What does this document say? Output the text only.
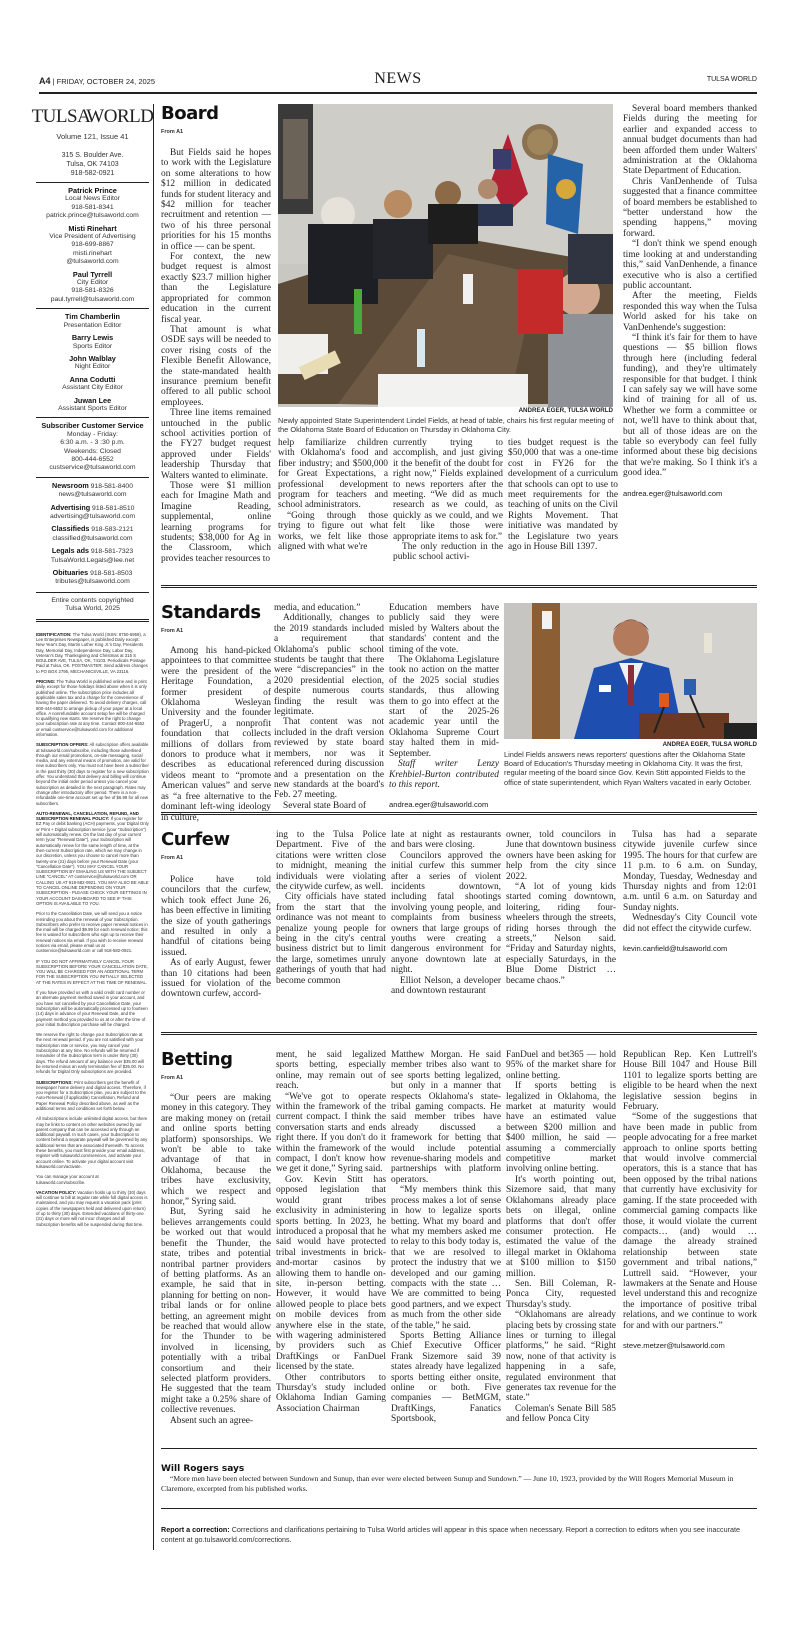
A4 | FRIDAY, OCTOBER 24, 2025	NEWS	TULSA WORLD
TULSA
WORLD
Volume 121, Issue 41
315 S. Boulder Ave.
Tulsa, OK 74103
918-582-0921
Patrick Prince
Local News Editor
918-581-8341
patrick.prince@tulsaworld.com
Misti Rinehart
Vice President of Advertising
918-699-8867
misti.rinehart @tulsaworld.com
Paul Tyrrell
City Editor
918-581-8326
paul.tyrrell@tulsaworld.com
Tim Chamberlin
Presentation Editor
Barry Lewis
Sports Editor
John Walblay
Night Editor
Anna Codutti
Assistant City Editor
Juwan Lee
Assistant Sports Editor
Subscriber Customer Service
Monday - Friday:
6:30 a.m. - 3 :30 p.m.
Weekends: Closed
800-444-6552
custservice@tulsaworld.com
Newsroom 918-581-8400
news@tulsaworld.com
Advertising 918-581-8510
advertising@tulsaworld.com
Classifieds 918-583-2121
classified@tulsaworld.com
Legals ads 918-581-7323
TulsaWorld.Legals@lee.net
Obituaries 918-581-8503
tributes@tulsaworld.com
Entire contents copyrighted
Tulsa World, 2025

IDENTIFICATION: The Tulsa World (ISSN: 8750-5959), a Lee Enterprises Newspaper, is published Daily except: New Year's Day, Martin Luther King Jr.'s Day, Presidents Day, Memorial Day, Independence Day, Labor Day, Veteran's Day, Thanksgiving and Christmas at 315 S BOULDER AVE, TULSA, OK, 74103. Periodicals Postage Paid at Tulsa, OK. POSTMASTER: Send address changes to PO BOX 2795, MECHANICSVILLE, VA 23116.

PRICING: The Tulsa World is published online and in print daily, except for those holidays listed above when it is only published online. The subscription price includes all applicable sales tax and a charge for the convenience of having the paper delivered. To avoid delivery charges, call 800-444-6552 to arrange pickup of your paper at a local office. A nonrefundable account setup fee will be charged to qualifying new starts. We reserve the right to change your subscription rate at any time. Contact 800-444-6552 or email custservice@tulsaworld.com for additional information.

SUBSCRIPTION OFFERS: All subscription offers available at tulsaworld.com/subscribe, including those advertised through our email promotions, on-site messaging, social media, and any external means of promotion, are valid for new subscribers only. You must not have been a subscriber in the past thirty (30) days to register for a new subscription offer. You understand that delivery and billing will continue beyond the initial order period unless you cancel your subscription as detailed in the next paragraph. Rates may change after introductory offer period. There is a non-refundable one-time account set up fee of $6.99 for all new subscribers.

AUTO-RENEWAL, CANCELLATION, REFUND, AND SUBSCRIPTION RENEWAL POLICY: If you register for EZ Pay or debit banking (ACH) payments, your Digital Only or Print + Digital subscription service (your "Subscription") will automatically renew. On the last day of your current term (your "Renewal Date"), your Subscription will automatically renew for the same length of time, at the then-current Subscription rate, which we may change in our discretion, unless you choose to cancel more than twenty-one (21) days before your Renewal Date (your "Cancellation Date"). YOU MAY CANCEL YOUR SUBSCRIPTION BY EMAILING US WITH THE SUBJECT LINE "CANCEL" AT custservice@tulsaworld.com OR CALLING US AT 918-582-0921. YOU MAY ALSO BE ABLE TO CANCEL ONLINE DEPENDING ON YOUR SUBSCRIPTION - PLEASE CHECK YOUR SETTINGS IN YOUR ACCOUNT DASHBOARD TO SEE IF THIS OPTION IS AVAILABLE TO YOU.

Prior to the Cancellation Date, we will send you a notice reminding you about the renewal of your Subscription. Subscribers who prefer to receive paper renewal notices in the mail will be charged $9.99 for each renewal notice; this fee is waived for subscribers who sign up to receive their renewal notices via email. If you wish to receive renewal notices via email, please email us at custservice@tulsaworld.com or call 918-582-0921.

IF YOU DO NOT AFFIRMATIVELY CANCEL YOUR SUBSCRIPTION BEFORE YOUR CANCELLATION DATE, YOU WILL BE CHARGED FOR AN ADDITIONAL TERM FOR THE SUBSCRIPTION YOU INITIALLY SELECTED AT THE RATES IN EFFECT AT THE TIME OF RENEWAL.

If you have provided us with a valid credit card number or an alternate payment method saved in your account, and you have not cancelled by your Cancellation Date, your Subscription will be automatically processed up to fourteen (14) days in advance of your Renewal Date, and the payment method you provided to us at or after the time of your initial Subscription purchase will be charged.

We reserve the right to change your Subscription rate at the next renewal period. If you are not satisfied with your Subscription rate or service, you may cancel your Subscription at any time. No refunds will be returned if remainder of the Subscription term is under thirty (30) days. The refund amount of any balance over $35.00 will be returned minus an early termination fee of $35.00. No refunds for Digital Only subscriptions are provided.

SUBSCRIPTIONS: Print subscribers get the benefit of newspaper home delivery and digital access. Therefore, if you register for a Subscription plan, you are subject to the Auto-Renewal (if applicable) Cancellation, Refund and Paper Renewal Policy described above, as well as the additional terms and conditions set forth below.

All Subscriptions include unlimited digital access, but there may be links to content on other websites owned by our parent company that can be accessed only through an additional paywall. In such cases, your Subscription to content behind a separate paywall will be governed by any additional terms that are associated therewith. To access these benefits, you must first provide your email address, register with tulsaworld.com/services, and activate your account online. To activate your digital account visit tulsaworld.com/activate.

You can manage your account at tulsaworld.com/subscribe.

VACATION POLICY: Vacation holds up to thirty (30) days will continue to bill at regular rate while full digital access is maintained, and you may request a vacation pack (print copies of the newspapers held and delivered upon return) of up to thirty (30) days. Extended vacations of thirty-one (31) days or more will not incur charges and all Subscription benefits will be suspended during that time.

Board
From A1

But Fields said he hopes to work with the Legislature on some alterations to how $12 million in dedicated funds for student literacy and $42 million for teacher recruitment and retention — two of his three personal priorities for his 15 months in office — can be spent.

For context, the new budget request is almost exactly $23.7 million higher than the Legislature appropriated for common education in the current fiscal year.

That amount is what OSDE says will be needed to cover rising costs of the Flexible Benefit Allowance, the state-mandated health insurance premium benefit offered to all public school employees.

Three line items remained untouched in the public school activities portion of the FY27 budget request approved under Fields' leadership Thursday that Walters wanted to eliminate.

Those were $1 million each for Imagine Math and Imagine Reading, supplemental, online learning programs for students; $38,000 for Ag in the Classroom, which provides teacher resources to

ANDREA EGER, TULSA WORLD
Newly appointed State Superintendent Lindel Fields, at head of table, chairs his first regular meeting of the Oklahoma State Board of Education on Thursday in Oklahoma City.

help familiarize children with Oklahoma's food and fiber industry; and $500,000 for Great Expectations, a professional development program for teachers and school administrators.

“Going through those trying to figure out what works, we felt like those aligned with what we're

currently trying to accomplish, and just giving it the benefit of the doubt for right now,” Fields explained to news reporters after the meeting. “We did as much research as we could, as quickly as we could, and we felt like those were appropriate items to ask for.”

The only reduction in the public school activi-

ties budget request is the $50,000 that was a one-time cost in FY26 for the development of a curriculum that schools can opt to use to meet requirements for the teaching of units on the Civil Rights Movement. That initiative was mandated by the Legislature two years ago in House Bill 1397.

Several board members thanked Fields during the meeting for earlier and expanded access to annual budget documents than had been afforded them under Walters' administration at the Oklahoma State Department of Education.

Chris VanDenhende of Tulsa suggested that a finance committee of board members be established to “better understand how the spending happens,” moving forward.

“I don't think we spend enough time looking at and understanding this,” said VanDenhende, a finance executive who is also a certified public accountant.

After the meeting, Fields responded this way when the Tulsa World asked for his take on VanDenhende's suggestion:

“I think it's fair for them to have questions — $5 billion flows through here (including federal funding), and they're ultimately responsible for that budget. I think I can safely say we will have some kind of training for all of us. Whether we form a committee or not, we'll have to think about that, but all of those ideas are on the table so everybody can feel fully informed about these big decisions that we're making. So I think it's a good idea.”

andrea.eger@tulsaworld.com

Standards
From A1

Among his hand-picked appointees to that committee were the president of the Heritage Foundation, a former president of Oklahoma Wesleyan University and the founder of PragerU, a nonprofit foundation that collects millions of dollars from donors to produce what it describes as educational videos meant to “promote American values” and serve as “a free alternative to the dominant left-wing ideology in culture,

media, and education.”

Additionally, changes to the 2019 standards included a requirement that Oklahoma's public school students be taught that there were “discrepancies” in the 2020 presidential election, despite numerous courts finding the result was legitimate.

That content was not included in the draft version reviewed by state board members, nor was it referenced during discussion and a presentation on the new standards at the board's Feb. 27 meeting.

Several state Board of

Education members have publicly said they were misled by Walters about the standards' content and the timing of the vote.

The Oklahoma Legislature took no action on the matter of the 2025 social studies standards, thus allowing them to go into effect at the start of the 2025-26 academic year until the Oklahoma Supreme Court stay halted them in mid-September.

Staff writer Lenzy Krehbiel-Burton contributed to this report.

andrea.eger@tulsaworld.com

ANDREA EGER, TULSA WORLD
Lindel Fields answers news reporters' questions after the Oklahoma State Board of Education's Thursday meeting in Oklahoma City. It was the first, regular meeting of the board since Gov. Kevin Stitt appointed Fields to the office of state superintendent, which Ryan Walters vacated in early October.
Curfew
From A1

Police have told councilors that the curfew, which took effect June 26, has been effective in limiting the size of youth gatherings and resulted in only a handful of citations being issued.

As of early August, fewer than 10 citations had been issued for violation of the downtown curfew, accord-

ing to the Tulsa Police Department. Five of the citations were written close to midnight, meaning the individuals were violating the citywide curfew, as well.

City officials have stated from the start that the ordinance was not meant to penalize young people for being in the city's central business district but to limit the large, sometimes unruly gatherings of youth that had become common

late at night as restaurants and bars were closing.

Councilors approved the initial curfew this summer after a series of violent incidents downtown, including fatal shootings involving young people, and complaints from business owners that large groups of youths were creating a dangerous environment for anyone downtown late at night.

Elliot Nelson, a developer and downtown restaurant

owner, told councilors in June that downtown business owners have been asking for help from the city since 2022.

“A lot of young kids started coming downtown, loitering, riding four-wheelers through the streets, riding horses through the streets,” Nelson said. “Friday and Saturday nights, especially Saturdays, in the Blue Dome District … became chaos.”

Tulsa has had a separate citywide juvenile curfew since 1995. The hours for that curfew are 11 p.m. to 6 a.m. on Sunday, Monday, Tuesday, Wednesday and Thursday nights and from 12:01 a.m. until 6 a.m. on Saturday and Sunday nights.

Wednesday's City Council vote did not effect the citywide curfew.

kevin.canfield@tulsaworld.com

Betting
From A1

“Our peers are making money in this category. They are making money on (retail and online sports betting platform) sponsorships. We won't be able to take advantage of that in Oklahoma, because the tribes have exclusivity, which we respect and honor,” Syring said.

But, Syring said he believes arrangements could be worked out that would benefit the Thunder, the state, tribes and potential nontribal partner providers of betting platforms. As an example, he said that in planning for betting on non-tribal lands or for online betting, an agreement might be reached that would allow for the Thunder to be involved in licensing, potentially with a tribal consortium and their selected platform providers. He suggested that the team might take a 0.25% share of collective revenues.

Absent such an agree-

ment, he said legalized sports betting, especially online, may remain out of reach.

“We've got to operate within the framework of the current compact. I think the conversation starts and ends right there. If you don't do it within the framework of the compact, I don't know how we get it done,” Syring said.

Gov. Kevin Stitt has opposed legislation that would grant tribes exclusivity in administering sports betting. In 2023, he introduced a proposal that he said would have protected tribal investments in brick-and-mortar casinos by allowing them to handle on-site, in-person betting. However, it would have allowed people to place bets on mobile devices from anywhere else in the state, with wagering administered by providers such as DraftKings or FanDuel licensed by the state.

Other contributors to Thursday's study included Oklahoma Indian Gaming Association Chairman

Matthew Morgan. He said member tribes also want to see sports betting legalized, but only in a manner that respects Oklahoma's state-tribal gaming compacts. He said member tribes have already discussed a framework for betting that would include potential revenue-sharing models and partnerships with platform operators.

“My members think this process makes a lot of sense in how to legalize sports betting. What my board and what my members asked me to relay to this body today is, that we are resolved to protect the industry that we developed and our gaming compacts with the state … We are committed to being good partners, and we expect as much from the other side of the table,” he said.

Sports Betting Alliance Chief Executive Officer Frank Sizemore said 39 states already have legalized sports betting either onsite, online or both. Five companies — BetMGM, DraftKings, Fanatics Sportsbook,

FanDuel and bet365 — hold 95% of the market share for online betting.

If sports betting is legalized in Oklahoma, the market at maturity would have an estimated value between $200 million and $400 million, he said — assuming a commercially competitive market involving online betting.

It's worth pointing out, Sizemore said, that many Oklahomans already place bets on illegal, online platforms that don't offer consumer protection. He estimated the value of the illegal market in Oklahoma at $100 million to $150 million.

Sen. Bill Coleman, R-Ponca City, requested Thursday's study.

“Oklahomans are already placing bets by crossing state lines or turning to illegal platforms,” he said. “Right now, none of that activity is happening in a safe, regulated environment that generates tax revenue for the state.”

Coleman's Senate Bill 585 and fellow Ponca City

Republican Rep. Ken Luttrell's House Bill 1047 and House Bill 1101 to legalize sports betting are eligible to be heard when the next legislative session begins in February.

“Some of the suggestions that have been made in public from people advocating for a free market approach to online sports betting that would involve commercial operators, this is a stance that has been opposed by the tribal nations that currently have exclusivity for gaming. If the state proceeded with commercial gaming compacts like those, it would violate the current compacts… (and) would … damage the already strained relationship between state government and tribal nations,” Luttrell said. “However, your lawmakers at the Senate and House level understand this and recognize the importance of positive tribal relations, and we continue to work for and with our partners.”

steve.metzer@tulsaworld.com

Will Rogers says

“More men have been elected between Sundown and Sunup, than ever were elected between Sunup and Sundown.” — June 10, 1923, provided by the Will Rogers Memorial Museum in Claremore, excerpted from his published works.

Report a correction: Corrections and clarifications pertaining to Tulsa World articles will appear in this space when necessary. Report a correction to editors when you see inaccurate content at go.tulsaworld.com/corrections.
